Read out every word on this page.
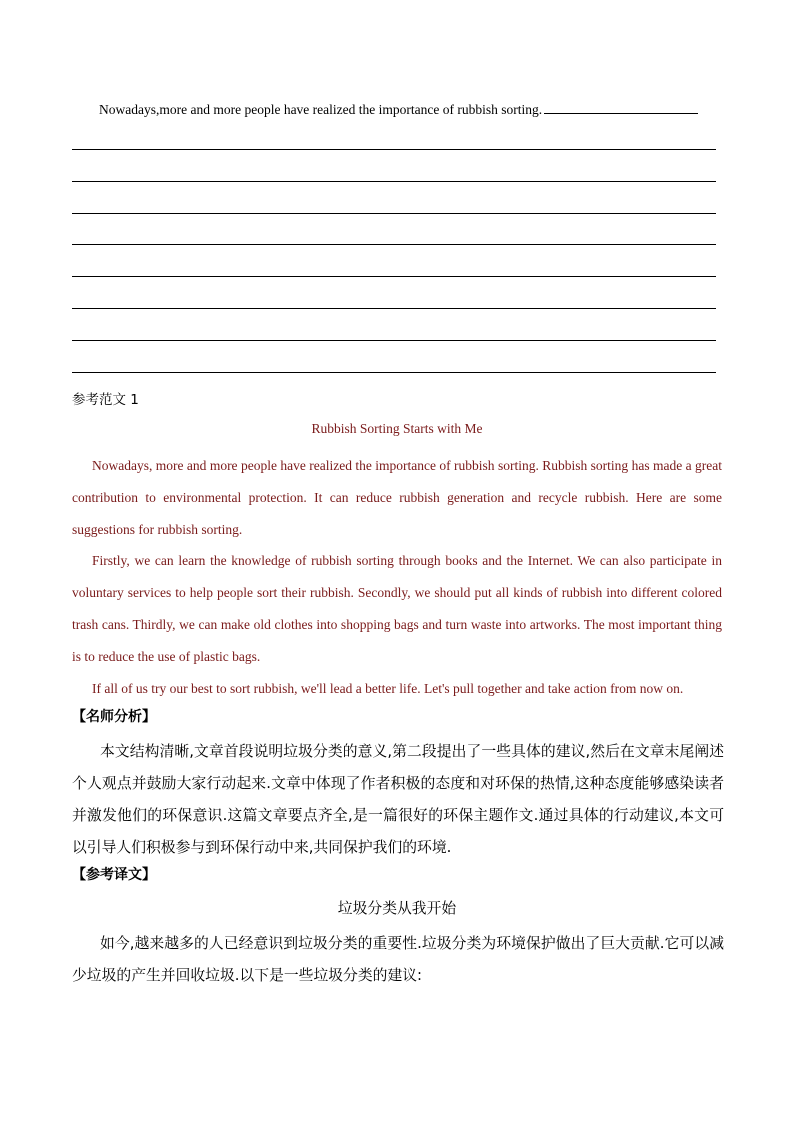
Nowadays,more and more people have realized the importance of rubbish sorting.
参考范文 1

Rubbish Sorting Starts with Me

Nowadays, more and more people have realized the importance of rubbish sorting. Rubbish sorting has made a great contribution to environmental protection. It can reduce rubbish generation and recycle rubbish. Here are some suggestions for rubbish sorting.

Firstly, we can learn the knowledge of rubbish sorting through books and the Internet. We can also participate in voluntary services to help people sort their rubbish. Secondly, we should put all kinds of rubbish into different colored trash cans. Thirdly, we can make old clothes into shopping bags and turn waste into artworks. The most important thing is to reduce the use of plastic bags.

If all of us try our best to sort rubbish, we'll lead a better life. Let's pull together and take action from now on.

【名师分析】

本文结构清晰,文章首段说明垃圾分类的意义,第二段提出了一些具体的建议,然后在文章末尾阐述个人观点并鼓励大家行动起来.文章中体现了作者积极的态度和对环保的热情,这种态度能够感染读者并激发他们的环保意识.这篇文章要点齐全,是一篇很好的环保主题作文.通过具体的行动建议,本文可以引导人们积极参与到环保行动中来,共同保护我们的环境.

【参考译文】
垃圾分类从我开始

如今,越来越多的人已经意识到垃圾分类的重要性.垃圾分类为环境保护做出了巨大贡献.它可以减少垃圾的产生并回收垃圾.以下是一些垃圾分类的建议:
